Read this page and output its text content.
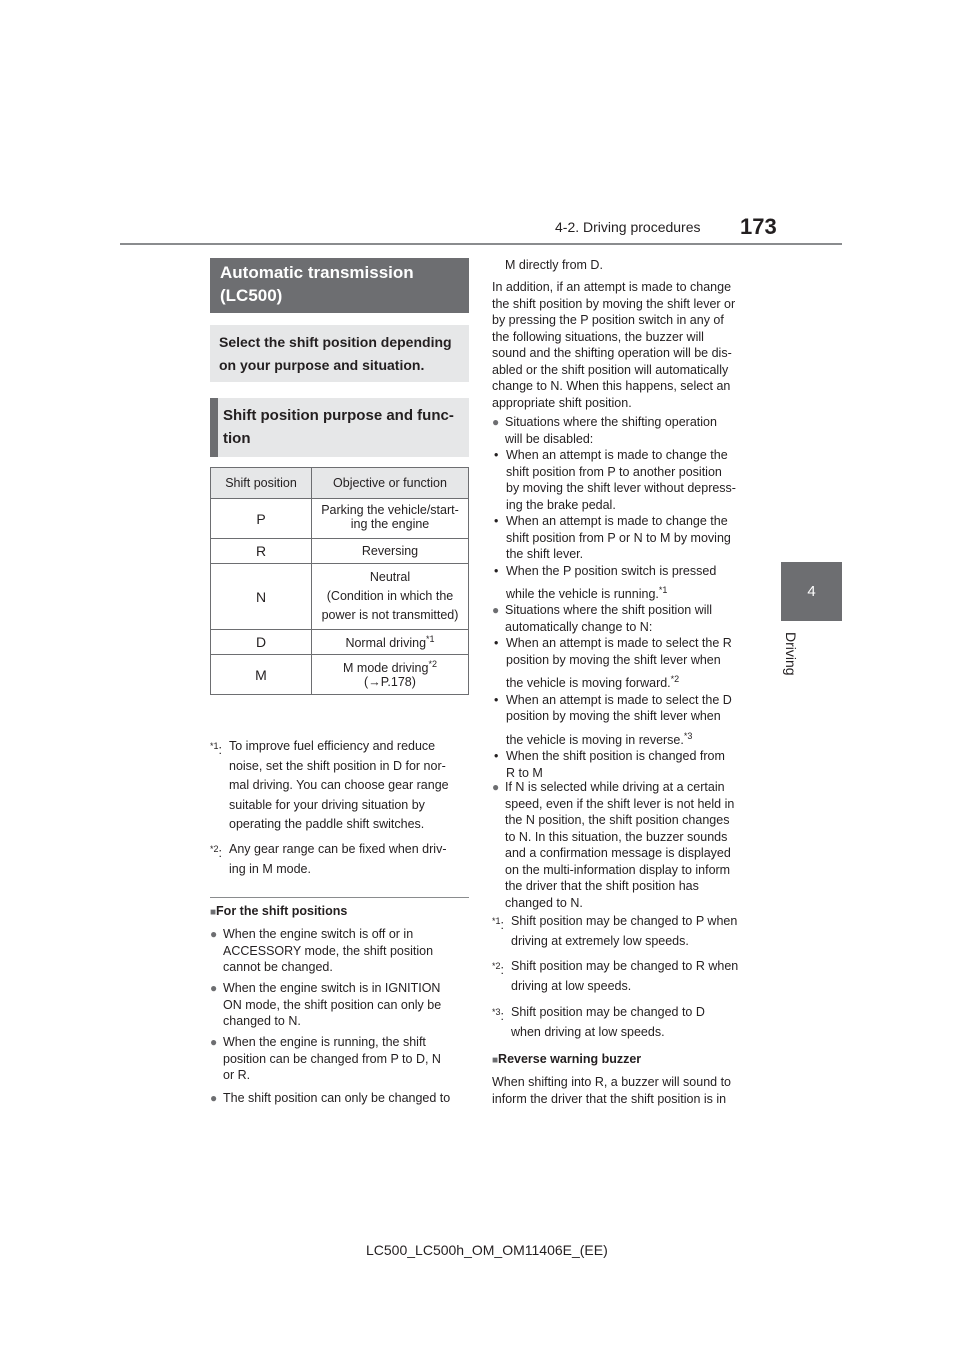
4-2. Driving procedures 173
4
Driving
Automatic transmission
(LC500)
Select the shift position depending
on your purpose and situation.
Shift position purpose and func-
tion
Shift position	Objective or function
P	Parking the vehicle/start-
ing the engine
R	Reversing
N	Neutral
(Condition in which the
power is not transmitted)
D	Normal driving$^{*1}$
M	M mode driving$^{*2}$
(→P.178)
$^{*1}$: To improve fuel efficiency and reduce
noise, set the shift position in D for nor-
mal driving. You can choose gear range
suitable for your driving situation by
operating the paddle shift switches.
$^{*2}$: Any gear range can be fixed when driv-
ing in M mode.
■For the shift positions
● When the engine switch is off or in
ACCESSORY mode, the shift position
cannot be changed.
● When the engine switch is in IGNITION
ON mode, the shift position can only be
changed to N.
● When the engine is running, the shift
position can be changed from P to D, N
or R.
● The shift position can only be changed to
M directly from D.
In addition, if an attempt is made to change
the shift position by moving the shift lever or
by pressing the P position switch in any of
the following situations, the buzzer will
sound and the shifting operation will be dis-
abled or the shift position will automatically
change to N. When this happens, select an
appropriate shift position.
● Situations where the shifting operation
will be disabled:
• When an attempt is made to change the
shift position from P to another position
by moving the shift lever without depress-
ing the brake pedal.
• When an attempt is made to change the
shift position from P or N to M by moving
the shift lever.
• When the P position switch is pressed
while the vehicle is running.$^{*1}$
● Situations where the shift position will
automatically change to N:
• When an attempt is made to select the R
position by moving the shift lever when
the vehicle is moving forward.$^{*2}$
• When an attempt is made to select the D
position by moving the shift lever when
the vehicle is moving in reverse.$^{*3}$
• When the shift position is changed from
R to M
● If N is selected while driving at a certain
speed, even if the shift lever is not held in
the N position, the shift position changes
to N. In this situation, the buzzer sounds
and a confirmation message is displayed
on the multi-information display to inform
the driver that the shift position has
changed to N.
$^{*1}$: Shift position may be changed to P when
driving at extremely low speeds.
$^{*2}$: Shift position may be changed to R when
driving at low speeds.
$^{*3}$: Shift position may be changed to D
when driving at low speeds.
■Reverse warning buzzer
When shifting into R, a buzzer will sound to
inform the driver that the shift position is in
LC500_LC500h_OM_OM11406E_(EE)
